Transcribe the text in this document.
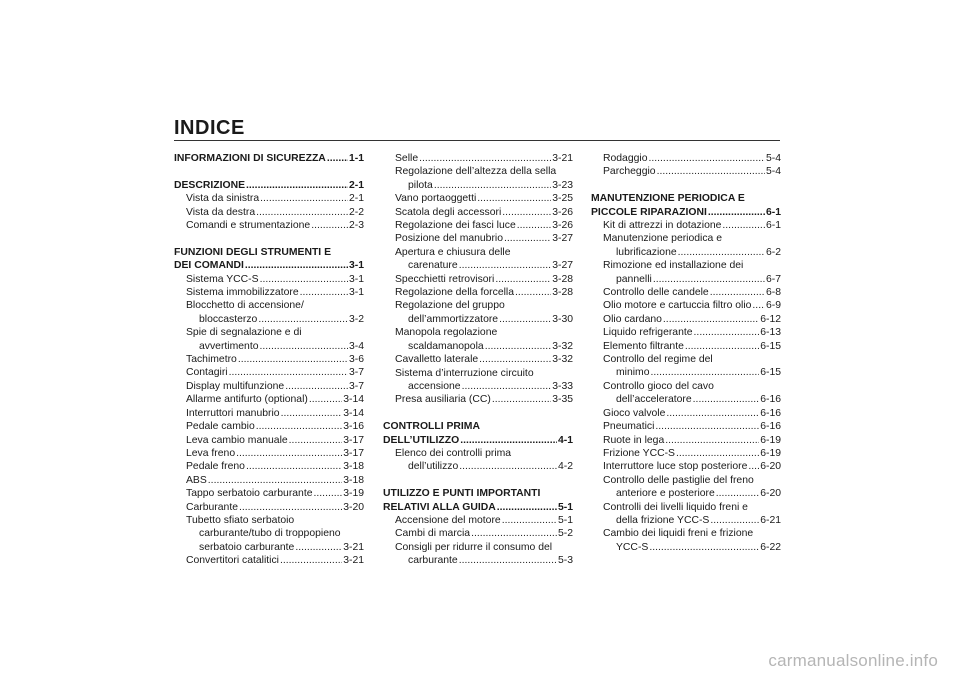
INDICE
INFORMAZIONI DI SICUREZZA ..... 1-1
DESCRIZIONE .....	2-1
Vista da sinistra .....	2-1
Vista da destra .....	2-2
Comandi e strumentazione .....	2-3
FUNZIONI DEGLI STRUMENTI E
DEI COMANDI .....	3-1
Sistema YCC-S .....	3-1
Sistema immobilizzatore .....	3-1
Blocchetto di accensione/
bloccasterzo .....	3-2
Spie di segnalazione e di
avvertimento .....	3-4
Tachimetro .....	3-6
Contagiri .....	3-7
Display multifunzione .....	3-7
Allarme antifurto (optional) .....	3-14
Interruttori manubrio .....	3-14
Pedale cambio .....	3-16
Leva cambio manuale .....	3-17
Leva freno .....	3-17
Pedale freno .....	3-18
ABS .....	3-18
Tappo serbatoio carburante .....	3-19
Carburante .....	3-20
Tubetto sfiato serbatoio
carburante/tubo di troppopieno
serbatoio carburante .....	3-21
Convertitori catalitici .....	3-21
Selle .....	3-21
Regolazione dell’altezza della sella
pilota .....	3-23
Vano portaoggetti .....	3-25
Scatola degli accessori .....	3-26
Regolazione dei fasci luce .....	3-26
Posizione del manubrio .....	3-27
Apertura e chiusura delle
carenature .....	3-27
Specchietti retrovisori .....	3-28
Regolazione della forcella .....	3-28
Regolazione del gruppo
dell’ammortizzatore .....	3-30
Manopola regolazione
scaldamanopola .....	3-32
Cavalletto laterale .....	3-32
Sistema d’interruzione circuito
accensione .....	3-33
Presa ausiliaria (CC) .....	3-35
CONTROLLI PRIMA
DELL’UTILIZZO .....	4-1
Elenco dei controlli prima
dell’utilizzo .....	4-2
UTILIZZO E PUNTI IMPORTANTI
RELATIVI ALLA GUIDA .....	5-1
Accensione del motore .....	5-1
Cambi di marcia .....	5-2
Consigli per ridurre il consumo del
carburante .....	5-3
Rodaggio .....	5-4
Parcheggio .....	5-4
MANUTENZIONE PERIODICA E
PICCOLE RIPARAZIONI .....	6-1
Kit di attrezzi in dotazione .....	6-1
Manutenzione periodica e
lubrificazione .....	6-2
Rimozione ed installazione dei
pannelli .....	6-7
Controllo delle candele .....	6-8
Olio motore e cartuccia filtro olio ..... 6-9
Olio cardano .....	6-12
Liquido refrigerante .....	6-13
Elemento filtrante .....	6-15
Controllo del regime del
minimo .....	6-15
Controllo gioco del cavo
dell’acceleratore .....	6-16
Gioco valvole .....	6-16
Pneumatici .....	6-16
Ruote in lega .....	6-19
Frizione YCC-S .....	6-19
Interruttore luce stop posteriore ..... 6-20
Controllo delle pastiglie del freno
anteriore e posteriore .....	6-20
Controlli dei livelli liquido freni e
della frizione YCC-S .....	6-21
Cambio dei liquidi freni e frizione
YCC-S .....	6-22
carmanualsonline.info
